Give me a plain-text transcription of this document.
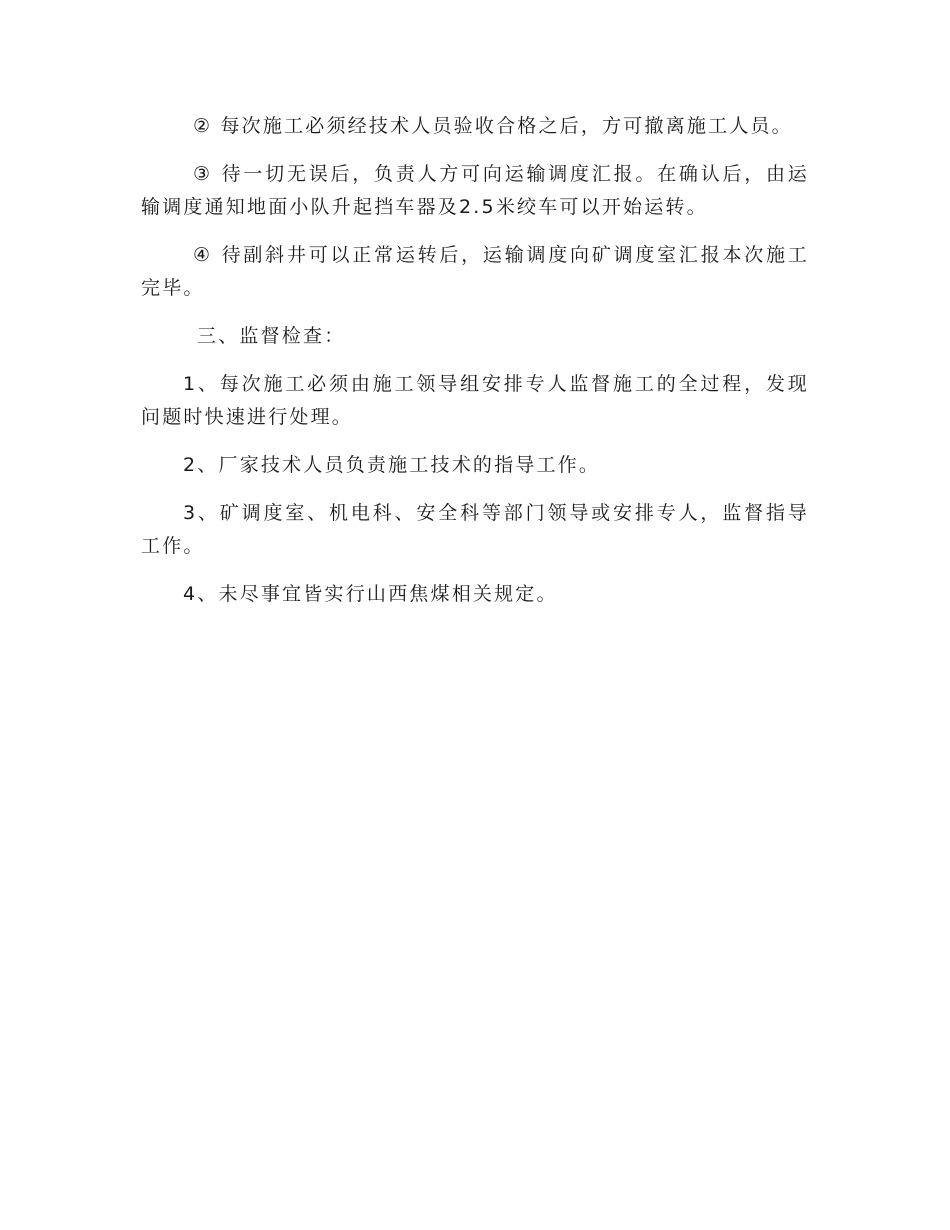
② 每次施工必须经技术人员验收合格之后，方可撤离施工人员。

③ 待一切无误后，负责人方可向运输调度汇报。在确认后，由运输调度通知地面小队升起挡车器及2.5米绞车可以开始运转。

④ 待副斜井可以正常运转后，运输调度向矿调度室汇报本次施工完毕。

三、监督检查：

1、每次施工必须由施工领导组安排专人监督施工的全过程，发现问题时快速进行处理。

2、厂家技术人员负责施工技术的指导工作。

3、矿调度室、机电科、安全科等部门领导或安排专人，监督指导工作。

4、未尽事宜皆实行山西焦煤相关规定。
